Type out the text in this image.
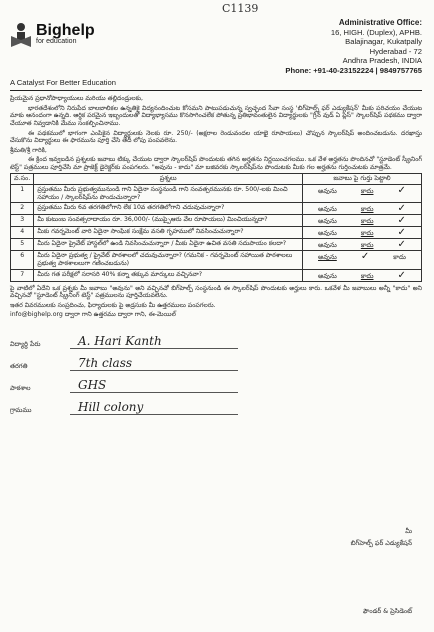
C1139
Bighelp
for education
A Catalyst For Better Education
Administrative Office:
16, HIGH. (Duplex), APHB.
Balajinagar, Kukatpally
Hyderabad - 72
Andhra Pradesh, INDIA
Phone: +91-40-23152224 | 9849757765

ప్రియమైన ప్రధానోపాధ్యాయులు మరియు తల్లిదండ్రులకు,

భారతదేశంలోని నిరుపేద బాలబాలికల ఉన్నతికై విద్యనందించుట కోసమని పాటుపడుచున్న స్వచ్ఛంద సేవా సంస్థ 'బిగ్‌హెల్ప్ ఫర్ ఎడ్యుకేషన్' మీకు పరిచయం చేయుట మాకు ఆనందంగా ఉన్నది. ఆర్థిక పరమైన ఇబ్బందులతో విద్యాభ్యాసము కొనసాగించలేక పోతున్న ప్రతిభావంతులైన విద్యార్థులకు "గ్రీన్ వుడ్ ఏ ప్లెస్" స్కాలర్‌షిప్ పథకము ద్వారా చేయూత నివ్వడానికి మేము సంకల్పించినాము.

ఈ పథకములో భాగంగా ఎంపికైన విద్యార్థులకు నెలకు రూ. 250/- (అక్షరాల రెండువందల యాభై రూపాయలు) చొప్పున స్కాలర్‌షిప్ అందించబడును. దరఖాస్తు చేసుకొను విద్యార్థులు ఈ ఫారమును పూర్తి చేసి తేదీ లోపు పంపవలెను.

శ్రీమతి/శ్రీ గారికి,

ఈ క్రింద ఇవ్వబడిన ప్రశ్నలకు జవాబు టిక్కు చేయుట ద్వారా స్కాలర్‌షిప్ పొందుటకు తగిన అర్హతను నిర్ణయించగలము. ఒక వేళ అర్హతను పొందినచో "స్టూడెంట్ స్క్రీనింగ్ టెస్ట్" పత్రములు పూర్తిచేసి మా ప్రాజెక్ట్ డైరెక్టర్‌కు పంపగలరు. "అవును - కాదు" మా బజివరకు స్కాలర్‌షిప్‌ను పొందుటకు మీకు గల అర్హతను గుర్తించుటకు మాత్రమే.

వ.సం.	ప్రశ్నలు	జవాబు పై గుర్తు పెట్టాలి
1	ప్రస్తుతము మీరు ప్రభుత్వమునుండి గాని ఏదైనా సంస్థనుండి గాని సంవత్సరమునకు రూ. 500/-లకు మించి సహాయం / స్కాలర్‌షిప్‌ను పొందుచున్నారా?	అవును కాదు ✓

2	ప్రస్తుతము మీరు 6వ తరగతిలోగాని లేక 10వ తరగతిలోగాని చదువుచున్నారా?	అవును కాదు ✓

3	మీ కుటుంబ సంవత్సరాదాయం రూ. 36,000/- (ముప్పైఆరు వేల రూపాయలు) మించియున్నదా?	అవును కాదు ✓

4	మీకు గవర్నమెంట్ వారి ఏదైనా సాంఘిక సంక్షేమ వసతి గృహములో నివసించుచున్నారా?	అవును కాదు ✓

5	మీరు ఏదైనా ప్రైవేట్ హాస్టల్‌లో ఉండి నివసించుచున్నారా / మీకు ఏదైనా ఉచిత వసతి సదుపాయం కలదా?	అవును కాదు ✓

6	మీరు ఏదైనా ప్రభుత్వ / ప్రైవేట్ పాఠశాలలో చదువుచున్నారా? (గమనిక - గవర్నమెంట్ సహాయిత పాఠశాలలు ప్రభుత్వ పాఠశాలలుగా గణించబడును)	అవును ✓ కాదు

7	మీరు గత పరీక్షలో సరాసరి 40% కన్నా తక్కువ మార్కులు వచ్చినవా?	అవును కాదు ✓

పై వాటిలో ఏదేని ఒక ప్రశ్నకు మీ జవాబు "అవును" అని వచ్చినచో బిగ్‌హెల్ప్ సంస్థనుండి ఈ స్కాలర్‌షిప్ పొందుటకు అర్హులు కారు. ఒకవేళ మీ జవాబులు అన్నీ "కాదు" అని వచ్చినచో "స్టూడెంట్ స్క్రీనింగ్ టెస్ట్" పత్రములను పూర్తిచేయవలెను.

ఇతర వివరములకు సంప్రదించు, ఫిర్యాదులకు పై అడ్రసుకు మీ ఉత్తరములు పంపగలరు.

info@bighelp.org ద్వారా గాని ఉత్తరము ద్వారా గాని, ఈ-మెయిల్

విద్యార్థి పేరు	A. Hari Kanth
తరగతి	7th class
పాఠశాల	GHS
గ్రామము	Hill colony
మీ
బిగ్‌హెల్ప్ ఫర్ ఎడ్యుకేషన్
ఫౌండర్ & ప్రెసిడెంట్
